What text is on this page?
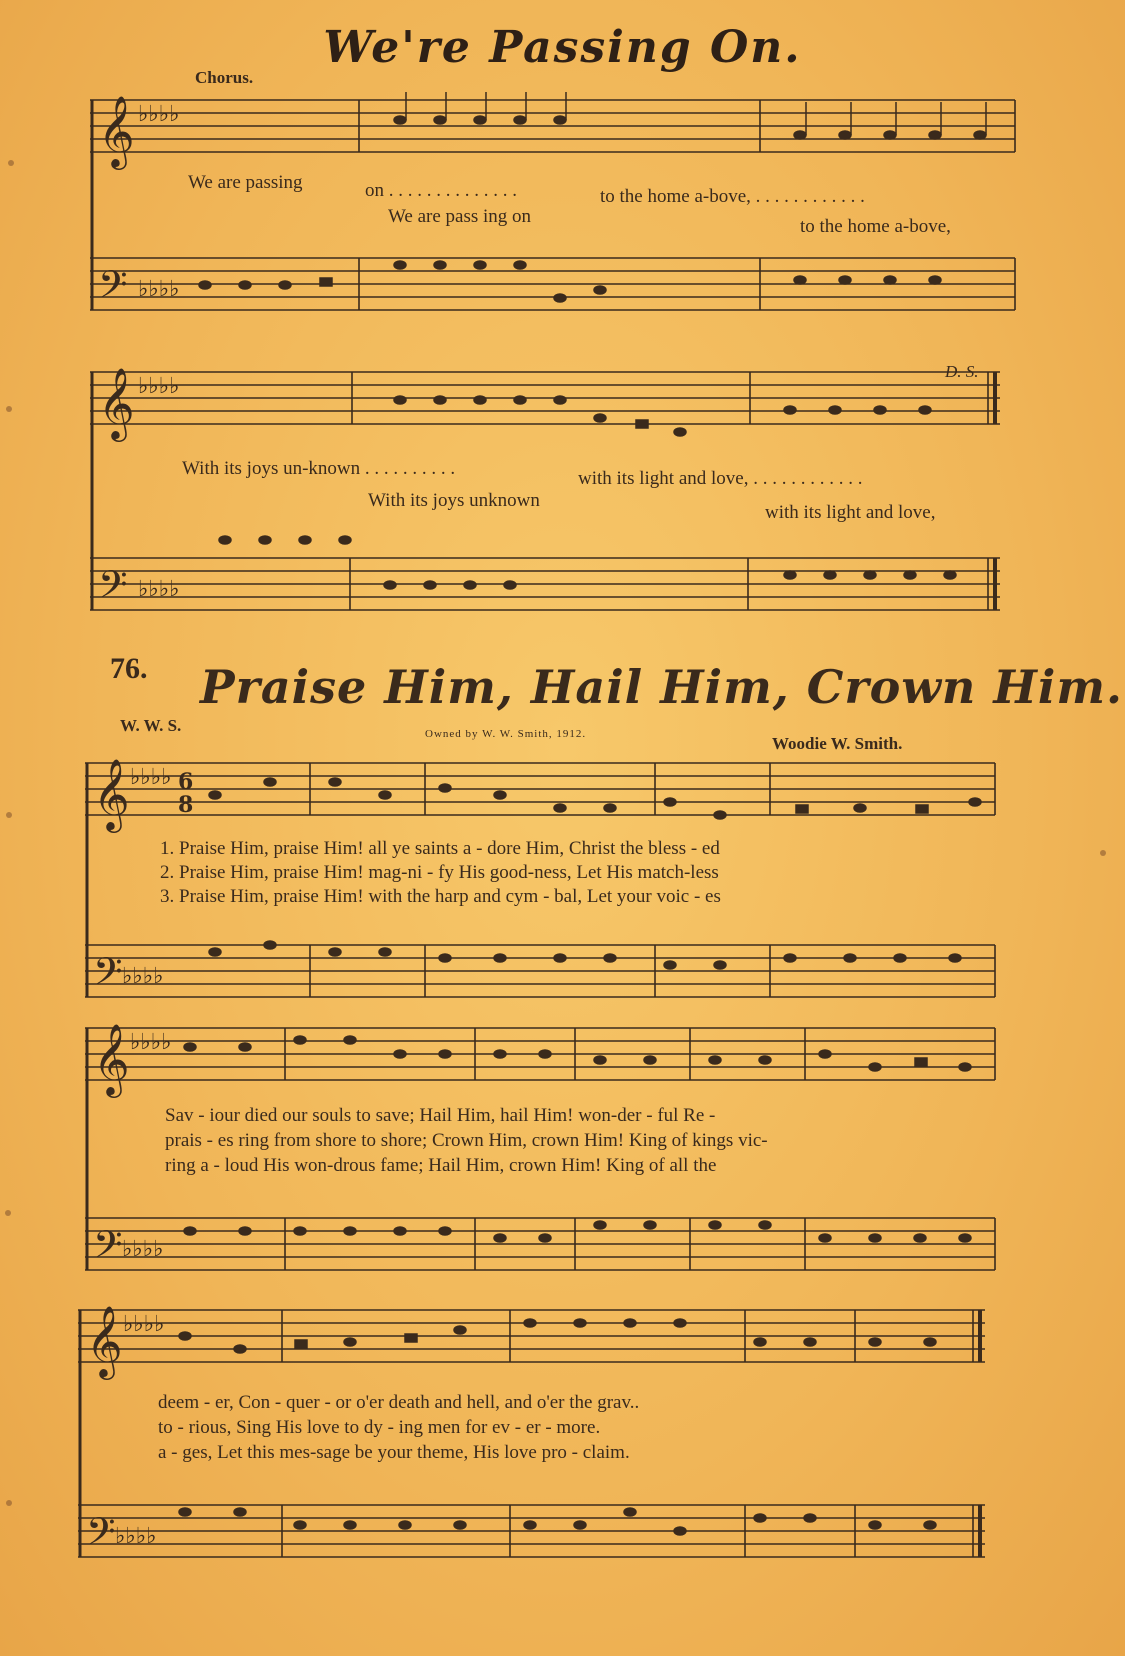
We're Passing On.
Chorus.
𝄞
𝄢
𝄞
𝄢
𝄞
𝄢
𝄞
𝄢
𝄞
𝄢
♭♭♭♭
♭♭♭♭
♭♭♭♭
♭♭♭♭
♭♭♭♭
♭♭♭♭
♭♭♭♭
♭♭♭♭
♭♭♭♭
♭♭♭♭
6
8
We are passing	on . . . . . . . . . . . . . .	to the home a-bove, . . . . . . . . . . . .
We are pass ing on	to the home a-bove,
D. S.
With its joys un-known . . . . . . . . . .	with its light and love, . . . . . . . . . . . .
With its joys unknown
with its light and love,
76. Praise Him, Hail Him, Crown Him.
W. W. S.	Owned by W. W. Smith, 1912.	Woodie W. Smith.
1. Praise Him, praise Him! all ye saints a - dore Him, Christ the bless - ed
2. Praise Him, praise Him! mag-ni - fy His good-ness, Let His match-less
3. Praise Him, praise Him! with the harp and cym - bal, Let your voic - es
Sav - iour died our souls to save; Hail Him, hail Him! won-der - ful Re -
prais - es ring from shore to shore; Crown Him, crown Him! King of kings vic-
ring a - loud His won-drous fame; Hail Him, crown Him! King of all the
deem - er, Con - quer - or o'er death and hell, and o'er the grav..
to - rious, Sing His love to dy - ing men for ev - er - more.
a - ges, Let this mes-sage be your theme, His love pro - claim.
